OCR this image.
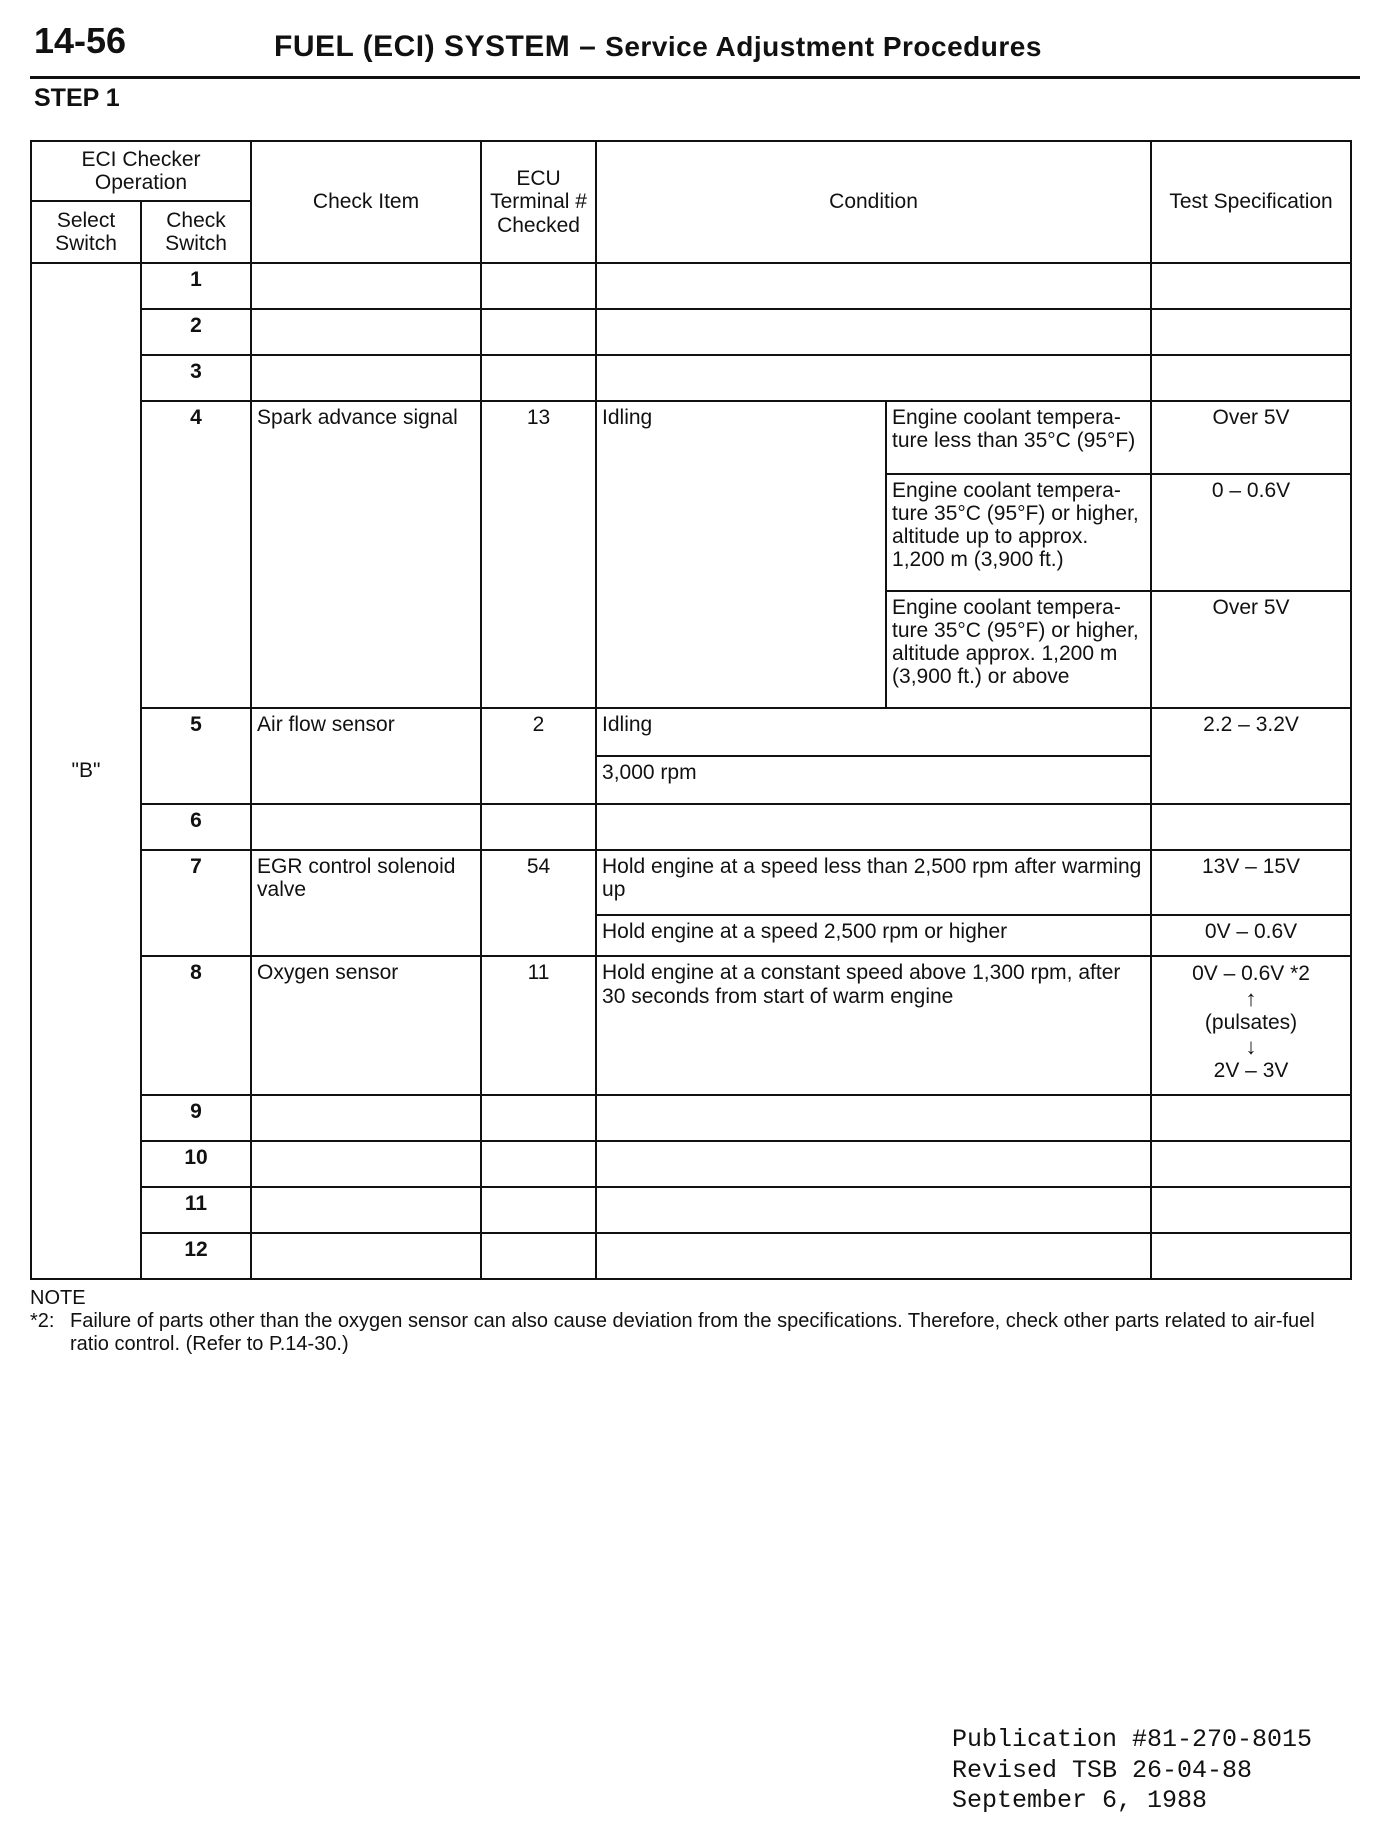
14-56	FUEL (ECI) SYSTEM – Service Adjustment Procedures
STEP 1
ECI Checker Operation		Check Item	ECU Terminal # Checked	Condition		Test Specification
Select Switch	Check Switch					
"B"	1					
	2					
	3					
	4	Spark advance signal	13	Idling	Engine coolant tempera-ture less than 35°C (95°F)	Over 5V
					Engine coolant tempera-ture 35°C (95°F) or higher, altitude up to approx. 1,200 m (3,900 ft.)	0 – 0.6V
					Engine coolant tempera-ture 35°C (95°F) or higher, altitude approx. 1,200 m (3,900 ft.) or above	Over 5V
	5	Air flow sensor	2	Idling		2.2 – 3.2V
				3,000 rpm		
	6					
	7	EGR control solenoid valve	54	Hold engine at a speed less than 2,500 rpm after warming up		13V – 15V
				Hold engine at a speed 2,500 rpm or higher		0V – 0.6V
	8	Oxygen sensor	11	Hold engine at a constant speed above 1,300 rpm, after 30 seconds from start of warm engine		0V – 0.6V *2
↑
(pulsates)
↓
2V – 3V
	9					
	10					
	11					
	12					
NOTE
*2: Failure of parts other than the oxygen sensor can also cause deviation from the specifications. Therefore, check other parts related to air-fuel ratio control. (Refer to P.14-30.)
Publication #81-270-8015
Revised TSB 26-04-88
September 6, 1988
